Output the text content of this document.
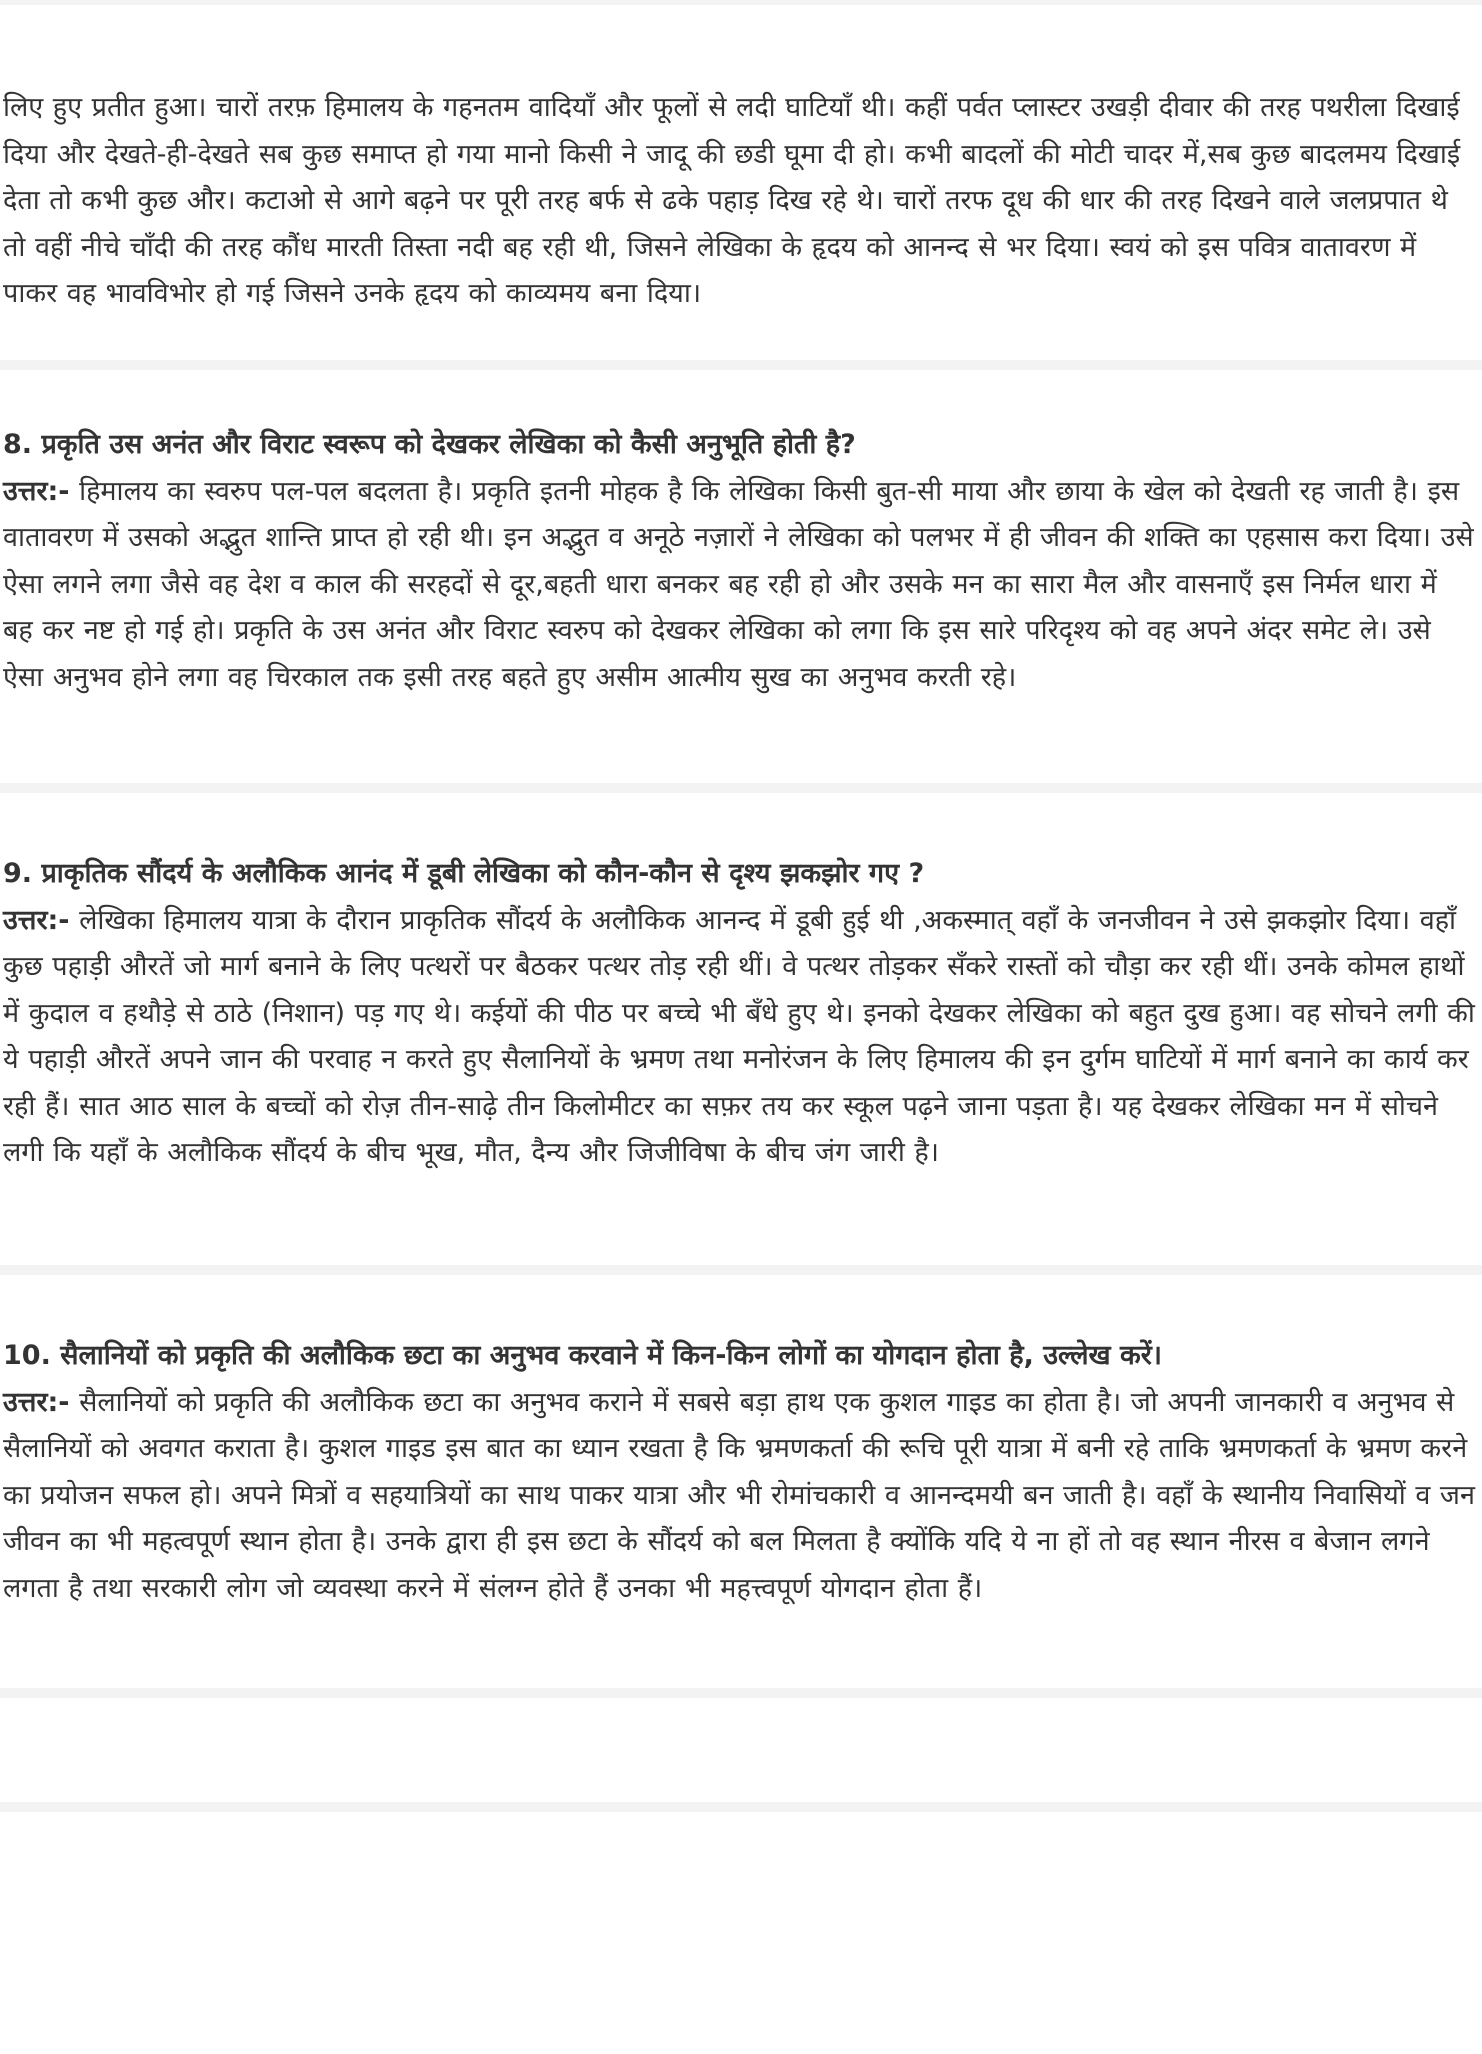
लिए हुए प्रतीत हुआ। चारों तरफ़ हिमालय के गहनतम वादियाँ और फूलों से लदी घाटियाँ थी। कहीं पर्वत प्लास्टर उखड़ी दीवार की तरह पथरीला दिखाई दिया और देखते-ही-देखते सब कुछ समाप्त हो गया मानो किसी ने जादू की छडी घूमा दी हो। कभी बादलों की मोटी चादर में,सब कुछ बादलमय दिखाई देता तो कभी कुछ और। कटाओ से आगे बढ़ने पर पूरी तरह बर्फ से ढके पहाड़ दिख रहे थे। चारों तरफ दूध की धार की तरह दिखने वाले जलप्रपात थे तो वहीं नीचे चाँदी की तरह कौंध मारती तिस्ता नदी बह रही थी, जिसने लेखिका के हृदय को आनन्द से भर दिया। स्वयं को इस पवित्र वातावरण में पाकर वह भावविभोर हो गई जिसने उनके हृदय को काव्यमय बना दिया।

8. प्रकृति उस अनंत और विराट स्वरूप को देखकर लेखिका को कैसी अनुभूति होती है?

उत्तर:- हिमालय का स्वरुप पल-पल बदलता है। प्रकृति इतनी मोहक है कि लेखिका किसी बुत-सी माया और छाया के खेल को देखती रह जाती है। इस वातावरण में उसको अद्भुत शान्ति प्राप्त हो रही थी। इन अद्भुत व अनूठे नज़ारों ने लेखिका को पलभर में ही जीवन की शक्ति का एहसास करा दिया। उसे ऐसा लगने लगा जैसे वह देश व काल की सरहदों से दूर,बहती धारा बनकर बह रही हो और उसके मन का सारा मैल और वासनाएँ इस निर्मल धारा में बह कर नष्ट हो गई हो। प्रकृति के उस अनंत और विराट स्वरुप को देखकर लेखिका को लगा कि इस सारे परिदृश्य को वह अपने अंदर समेट ले। उसे ऐसा अनुभव होने लगा वह चिरकाल तक इसी तरह बहते हुए असीम आत्मीय सुख का अनुभव करती रहे।

9. प्राकृतिक सौंदर्य के अलौकिक आनंद में डूबी लेखिका को कौन-कौन से दृश्य झकझोर गए ?

उत्तर:- लेखिका हिमालय यात्रा के दौरान प्राकृतिक सौंदर्य के अलौकिक आनन्द में डूबी हुई थी ,अकस्मात् वहाँ के जनजीवन ने उसे झकझोर दिया। वहाँ कुछ पहाड़ी औरतें जो मार्ग बनाने के लिए पत्थरों पर बैठकर पत्थर तोड़ रही थीं। वे पत्थर तोड़कर सँकरे रास्तों को चौड़ा कर रही थीं। उनके कोमल हाथों में कुदाल व हथौड़े से ठाठे (निशान) पड़ गए थे। कईयों की पीठ पर बच्चे भी बँधे हुए थे। इनको देखकर लेखिका को बहुत दुख हुआ। वह सोचने लगी की ये पहाड़ी औरतें अपने जान की परवाह न करते हुए सैलानियों के भ्रमण तथा मनोरंजन के लिए हिमालय की इन दुर्गम घाटियों में मार्ग बनाने का कार्य कर रही हैं। सात आठ साल के बच्चों को रोज़ तीन-साढ़े तीन किलोमीटर का सफ़र तय कर स्कूल पढ़ने जाना पड़ता है। यह देखकर लेखिका मन में सोचने लगी कि यहाँ के अलौकिक सौंदर्य के बीच भूख, मौत, दैन्य और जिजीविषा के बीच जंग जारी है।

10. सैलानियों को प्रकृति की अलौकिक छटा का अनुभव करवाने में किन-किन लोगों का योगदान होता है, उल्लेख करें।

उत्तर:- सैलानियों को प्रकृति की अलौकिक छटा का अनुभव कराने में सबसे बड़ा हाथ एक कुशल गाइड का होता है। जो अपनी जानकारी व अनुभव से सैलानियों को अवगत कराता है। कुशल गाइड इस बात का ध्यान रखता है कि भ्रमणकर्ता की रूचि पूरी यात्रा में बनी रहे ताकि भ्रमणकर्ता के भ्रमण करने का प्रयोजन सफल हो। अपने मित्रों व सहयात्रियों का साथ पाकर यात्रा और भी रोमांचकारी व आनन्दमयी बन जाती है। वहाँ के स्थानीय निवासियों व जन जीवन का भी महत्वपूर्ण स्थान होता है। उनके द्वारा ही इस छटा के सौंदर्य को बल मिलता है क्योंकि यदि ये ना हों तो वह स्थान नीरस व बेजान लगने लगता है तथा सरकारी लोग जो व्यवस्था करने में संलग्न होते हैं उनका भी महत्त्वपूर्ण योगदान होता हैं।
